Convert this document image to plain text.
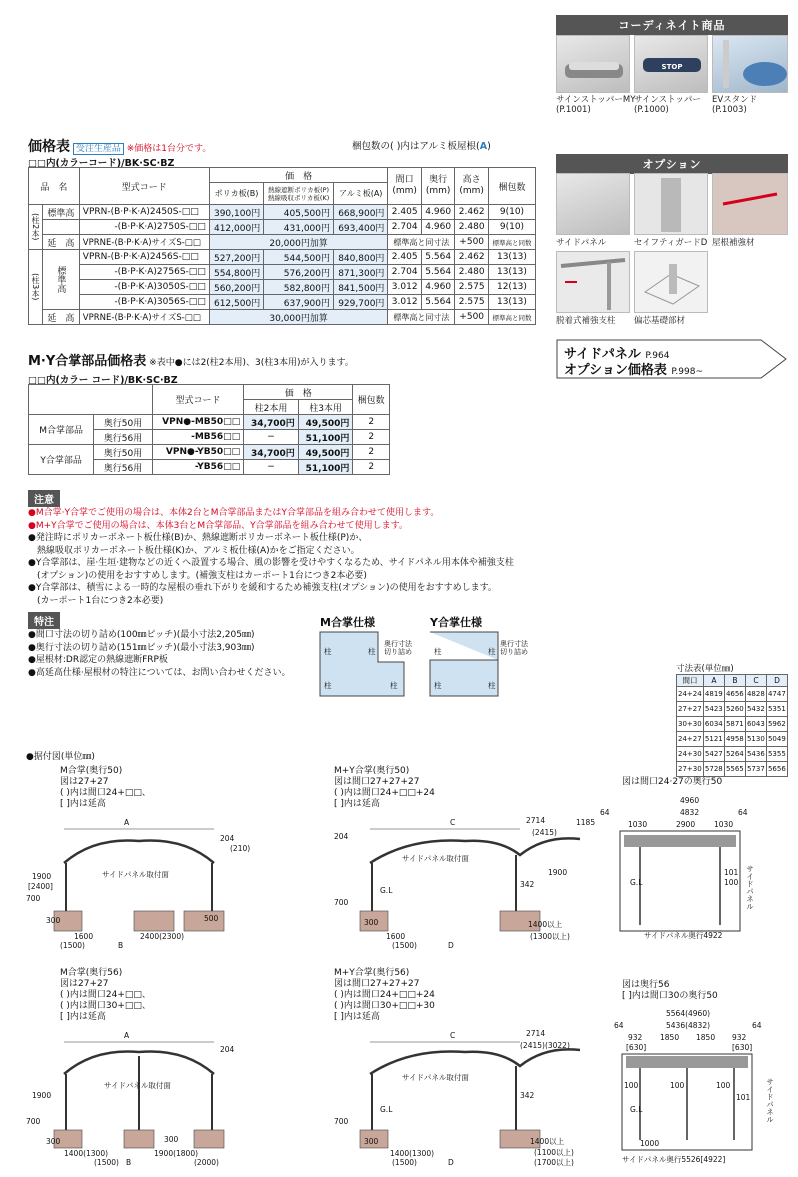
コーディネイト商品
STOP
サインストッパーMY
(P.1001)
サインストッパー
(P.1000)
EVスタンド
(P.1003)
オプション
サイドパネル	セイフティガードD 屋根補強材
脱着式補強支柱 偏芯基礎部材
サイドパネル P.964
オプション価格表 P.998~
価格表 受注生産品 ※価格は1台分です。	梱包数の( )内はアルミ板屋根(A)
□□内(カラーコード)/BK·SC·BZ
品　名		型式コード	価　格			間口
(mm)	奥行
(mm)	高さ
(mm)	梱包数
			ポリカ板(B)	熱線遮断ポリカ板(P)
熱線吸収ポリカ板(K)	アルミ板(A)				
(柱2本)	標準高	VPRN-(B·P·K·A)2450S-□□	390,100円	405,500円	668,900円	2.405	4.960	2.462	9(10)
		-(B·P·K·A)2750S-□□	412,000円	431,000円	693,400円	2.704	4.960	2.480	9(10)
	延　高	VPRNE-(B·P·K·A)サイズS-□□	20,000円加算			標準高と同寸法		+500	標準高と同数
(柱3本)	標準高	VPRN-(B·P·K·A)2456S-□□	527,200円	544,500円	840,800円	2.405	5.564	2.462	13(13)
		-(B·P·K·A)2756S-□□	554,800円	576,200円	871,300円	2.704	5.564	2.480	13(13)
		-(B·P·K·A)3050S-□□	560,200円	582,800円	841,500円	3.012	4.960	2.575	12(13)
		-(B·P·K·A)3056S-□□	612,500円	637,900円	929,700円	3.012	5.564	2.575	13(13)
	延　高	VPRNE-(B·P·K·A)サイズS-□□	30,000円加算			標準高と同寸法		+500	標準高と同数
M·Y合掌部品価格表 ※表中●には2(柱2本用)、3(柱3本用)が入ります。
□□内(カラー コード)/BK·SC·BZ
		型式コード	価　格		梱包数
			柱2本用	柱3本用	
M合掌部品	奥行50用	VPN●-MB50□□	34,700円	49,500円	2
	奥行56用	-MB56□□	−	51,100円	2
Y合掌部品	奥行50用	VPN●-YB50□□	34,700円	49,500円	2
	奥行56用	-YB56□□	−	51,100円	2
注意
●M合掌·Y合掌でご使用の場合は、本体2台とM合掌部品またはY合掌部品を組み合わせて使用します。
●M+Y合掌でご使用の場合は、本体3台とM合掌部品、Y合掌部品を組み合わせて使用します。
●発注時にポリカーボネート板仕様(B)か、熱線遮断ポリカーボネート板仕様(P)か、
　熱線吸収ポリカーボネート板仕様(K)か、アルミ板仕様(A)かをご指定ください。
●Y合掌部は、崖·生垣·建物などの近くへ設置する場合、風の影響を受けやすくなるため、サイドパネル用本体や補強支柱
　(オプション)の使用をおすすめします。(補強支柱はカーポート1台につき2本必要)
●Y合掌部は、積雪による一時的な屋根の垂れ下がりを緩和するため補強支柱(オプション)の使用をおすすめします。
　(カーポート1台につき2本必要)
特注
●間口寸法の切り詰め(100㎜ピッチ)(最小寸法2,205㎜)
●奥行寸法の切り詰め(151㎜ピッチ)(最小寸法3,903㎜)
●屋根材:DR認定の熱線遮断FRP板
●高延高仕様·屋根材の特注については、お問い合わせください。
M合掌仕様	Y合掌仕様
柱	柱
柱	柱
柱	柱
柱	柱
奥行寸法切り詰め
奥行寸法切り詰め
寸法表(単位㎜)
間口	A	B	C	D
24+24	4819	4656	4828	4747
27+27	5423	5260	5432	5351
30+30	6034	5871	6043	5962
24+27	5121	4958	5130	5049
24+30	5427	5264	5436	5355
27+30	5728	5565	5737	5656
●据付図(単位㎜)
M合掌(奥行50)
図は27+27
( )内は間口24+□□、
[ ]内は延高
M+Y合掌(奥行50)
図は間口27+27+27
( )内は間口24+□□+24
[ ]内は延高
図は間口24·27の奥行50
A
サイドパネル取付面
300
1600
(1500)
2400(2300)
B
700
500
1900
[2400]
204
(210)
C
サイドパネル取付面
2714
(2415)
342
1900
G.L
300
1600
(1500)	D
1400以上
(1300以上)
700
204
1185
4960
4832
64	64
1030	2900	1030
G.L
101
100 サイドパネル
サイドパネル奥行4922
M合掌(奥行56)
図は27+27
( )内は間口24+□□、
( )内は間口30+□□、
[ ]内は延高
A
サイドパネル取付面
300
1400(1300)
(1500)
1900(1800)
(2000)
B
300
700
1900
204
M+Y合掌(奥行56)
図は間口27+27+27
( )内は間口24+□□+24
( )内は間口30+□□+30
[ ]内は延高
C
サイドパネル取付面
2714
(2415)(3022)
342
G.L
300
1400(1300)
(1500)	D
1400以上
(1100以上)
(1700以上)
700
図は奥行56
[ ]内は間口30の奥行50
5564(4960)
5436(4832)
64	64
932 1850 1850 932
[630]	[630]
100	100	100
101
G.L
1000
サイドパネル
サイドパネル奥行5526[4922]
